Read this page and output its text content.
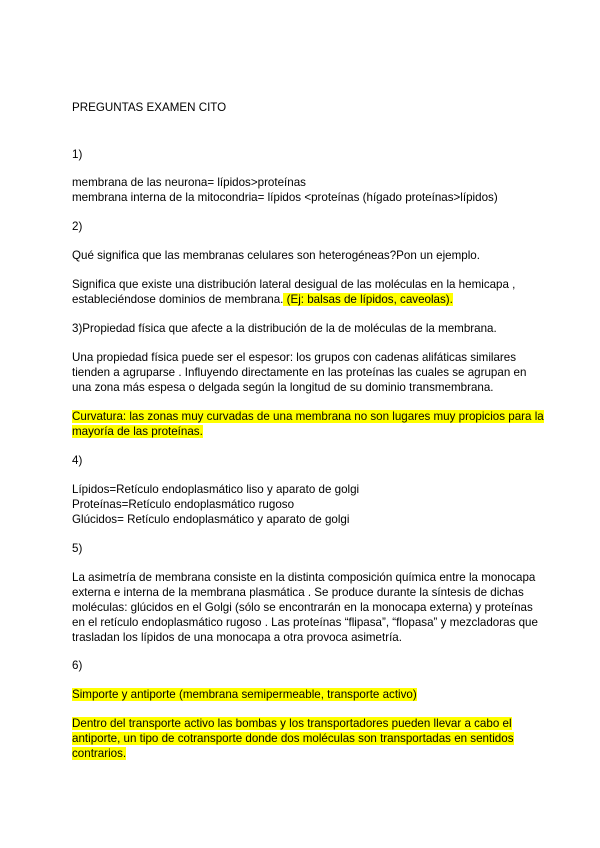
PREGUNTAS EXAMEN CITO
1)
membrana de las neurona= lípidos>proteínas
membrana interna de la mitocondria= lípidos <proteínas (hígado proteínas>lípidos)
2)
Qué significa que las membranas celulares son heterogéneas?Pon un ejemplo.
Significa que existe una distribución lateral desigual de las moléculas en la hemicapa ,
estableciéndose dominios de membrana. (Ej: balsas de lípidos, caveolas).
3)Propiedad física que afecte a la distribución de la de moléculas de la membrana.
Una propiedad física puede ser el espesor: los grupos con cadenas alifáticas similares
tienden a agruparse . Influyendo directamente en las proteínas las cuales se agrupan en
una zona más espesa o delgada según la longitud de su dominio transmembrana.
Curvatura: las zonas muy curvadas de una membrana no son lugares muy propicios para la
mayoría de las proteínas.
4)
Lípidos=Retículo endoplasmático liso y aparato de golgi
Proteínas=Retículo endoplasmático rugoso
Glúcidos= Retículo endoplasmático y aparato de golgi
5)
La asimetría de membrana consiste en la distinta composición química entre la monocapa
externa e interna de la membrana plasmática . Se produce durante la síntesis de dichas
moléculas: glúcidos en el Golgi (sólo se encontrarán en la monocapa externa) y proteínas
en el retículo endoplasmático rugoso . Las proteínas “flipasa”, “flopasa” y mezcladoras que
trasladan los lípidos de una monocapa a otra provoca asimetría.
6)
Simporte y antiporte (membrana semipermeable, transporte activo)
Dentro del transporte activo las bombas y los transportadores pueden llevar a cabo el
antiporte, un tipo de cotransporte donde dos moléculas son transportadas en sentidos
contrarios.
